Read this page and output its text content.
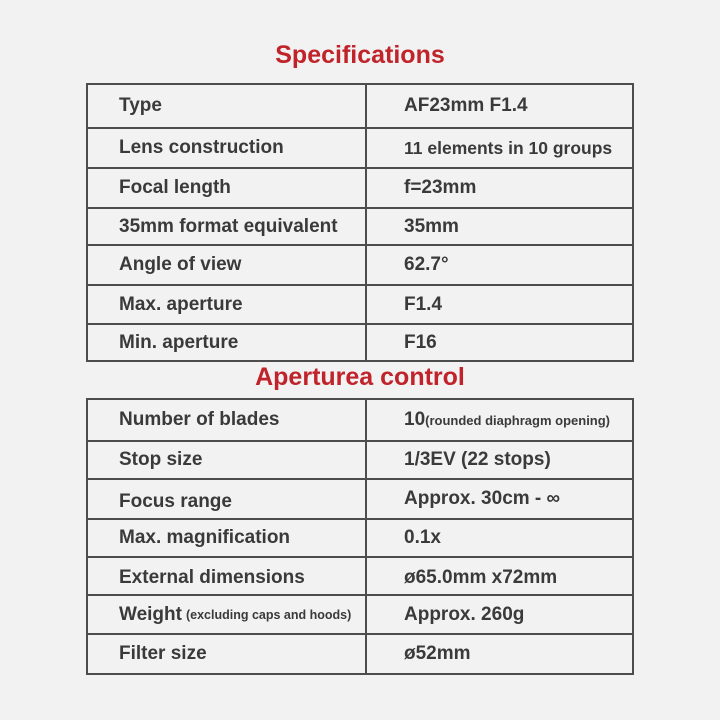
Specifications
Type	AF23mm F1.4
Lens construction	11 elements in 10 groups
Focal length	f=23mm
35mm format equivalent	35mm
Angle of view	62.7°
Max. aperture	F1.4
Min. aperture	F16
Aperturea control
Number of blades	10 (rounded diaphragm opening)
Stop size	1/3EV (22 stops)
Focus range	Approx. 30cm - ∞
Max. magnification	0.1x
External dimensions	ø65.0mm x72mm
Weight (excluding caps and hoods)	Approx. 260g
Filter size	ø52mm
